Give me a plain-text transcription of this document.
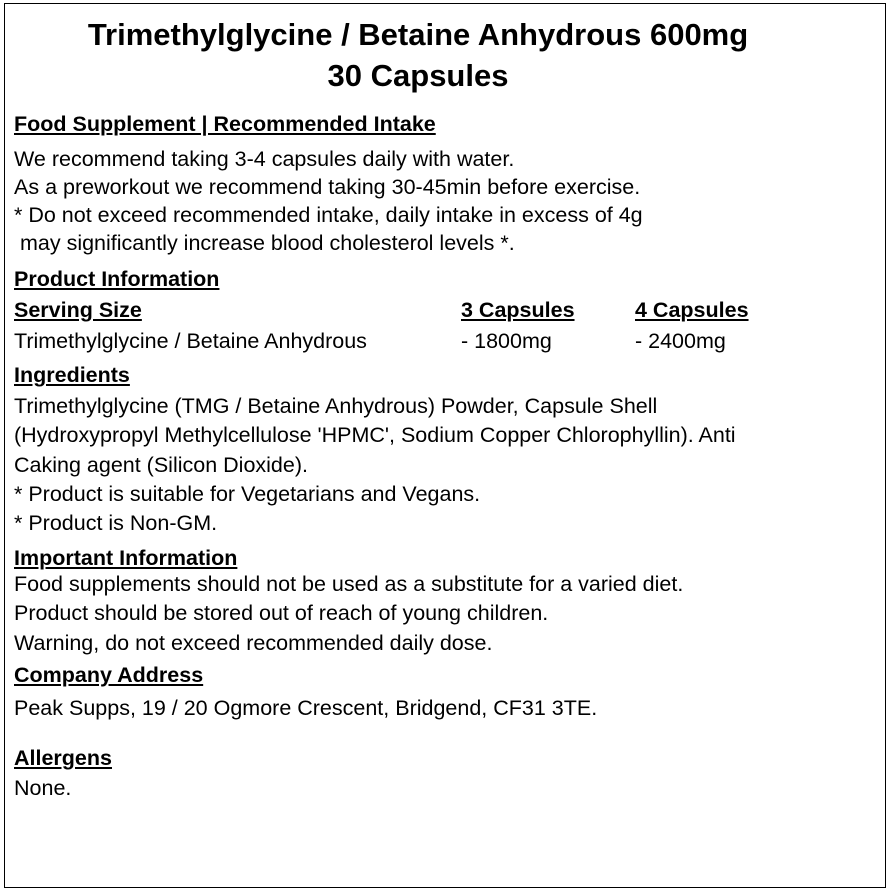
Trimethylglycine / Betaine Anhydrous 600mg
30 Capsules
Food Supplement | Recommended Intake
We recommend taking 3-4 capsules daily with water.
As a preworkout we recommend taking 30-45min before exercise.
* Do not exceed recommended intake, daily intake in excess of 4g
may significantly increase blood cholesterol levels *.
Product Information
Serving Size	3 Capsules	4 Capsules
Trimethylglycine / Betaine Anhydrous	- 1800mg	- 2400mg
Ingredients
Trimethylglycine (TMG / Betaine Anhydrous) Powder, Capsule Shell
(Hydroxypropyl Methylcellulose 'HPMC', Sodium Copper Chlorophyllin). Anti
Caking agent (Silicon Dioxide).
* Product is suitable for Vegetarians and Vegans.
* Product is Non-GM.
Important Information
Food supplements should not be used as a substitute for a varied diet.
Product should be stored out of reach of young children.
Warning, do not exceed recommended daily dose.
Company Address
Peak Supps, 19 / 20 Ogmore Crescent, Bridgend, CF31 3TE.
Allergens
None.
